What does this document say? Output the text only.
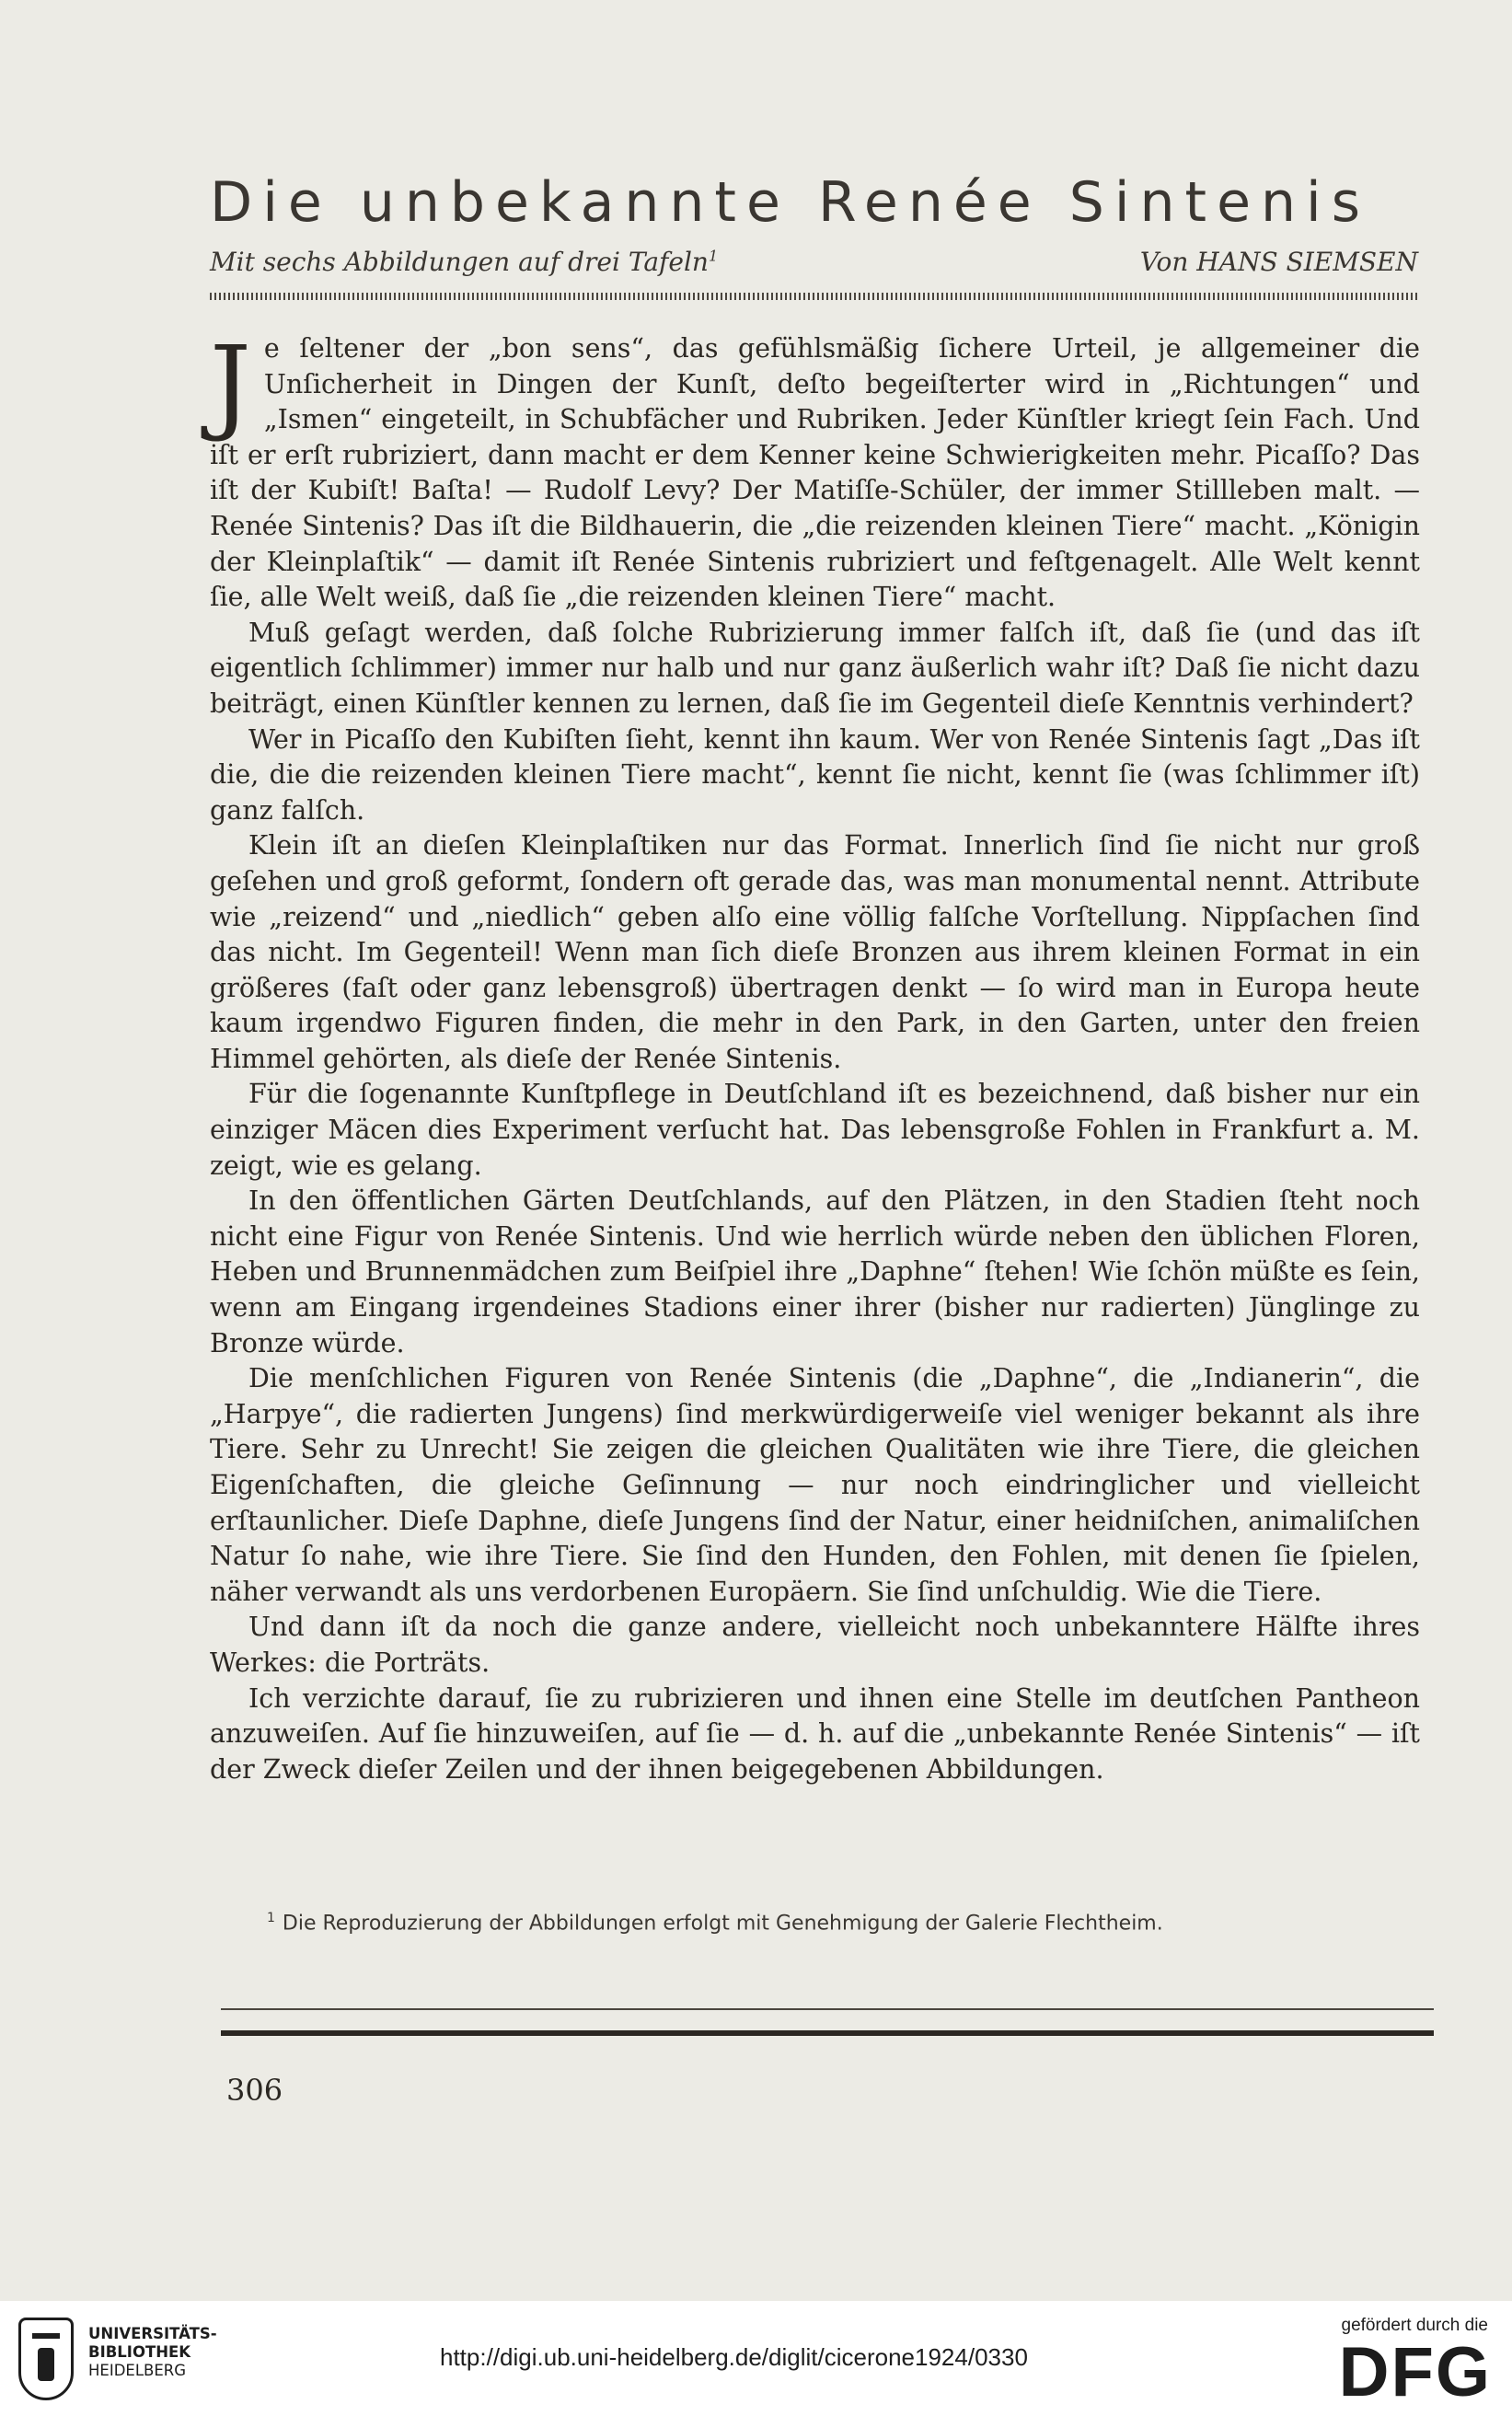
Die unbekannte Renée Sintenis
Mit sechs Abbildungen auf drei Tafeln$^1$	Von HANS SIEMSEN

Je ſeltener der „bon sens“, das gefühlsmäßig ſichere Urteil, je allgemeiner die Unſicherheit in Dingen der Kunſt, deſto begeiſterter wird in „Richtungen“ und „Ismen“ eingeteilt, in Schubfächer und Rubriken. Jeder Künſtler kriegt ſein Fach. Und iſt er erſt rubriziert, dann macht er dem Kenner keine Schwierigkeiten mehr. Picaſſo? Das iſt der Kubiſt! Baſta! — Rudolf Levy? Der Matiſſe-Schüler, der immer Stillleben malt. — Renée Sintenis? Das iſt die Bildhauerin, die „die reizenden kleinen Tiere“ macht. „Königin der Kleinplaſtik“ — damit iſt Renée Sintenis rubriziert und feſtgenagelt. Alle Welt kennt ſie, alle Welt weiß, daß ſie „die reizenden kleinen Tiere“ macht.

Muß geſagt werden, daß ſolche Rubrizierung immer falſch iſt, daß ſie (und das iſt eigentlich ſchlimmer) immer nur halb und nur ganz äußerlich wahr iſt? Daß ſie nicht dazu beiträgt, einen Künſtler kennen zu lernen, daß ſie im Gegenteil dieſe Kenntnis verhindert?

Wer in Picaſſo den Kubiſten ſieht, kennt ihn kaum. Wer von Renée Sintenis ſagt „Das iſt die, die die reizenden kleinen Tiere macht“, kennt ſie nicht, kennt ſie (was ſchlimmer iſt) ganz falſch.

Klein iſt an dieſen Kleinplaſtiken nur das Format. Innerlich ſind ſie nicht nur groß geſehen und groß geformt, ſondern oft gerade das, was man monumental nennt. Attribute wie „reizend“ und „niedlich“ geben alſo eine völlig falſche Vorſtellung. Nippſachen ſind das nicht. Im Gegenteil! Wenn man ſich dieſe Bronzen aus ihrem kleinen Format in ein größeres (faſt oder ganz lebensgroß) übertragen denkt — ſo wird man in Europa heute kaum irgendwo Figuren finden, die mehr in den Park, in den Garten, unter den freien Himmel gehörten, als dieſe der Renée Sintenis.

Für die ſogenannte Kunſtpflege in Deutſchland iſt es bezeichnend, daß bisher nur ein einziger Mäcen dies Experiment verſucht hat. Das lebensgroße Fohlen in Frankfurt a. M. zeigt, wie es gelang.

In den öffentlichen Gärten Deutſchlands, auf den Plätzen, in den Stadien ſteht noch nicht eine Figur von Renée Sintenis. Und wie herrlich würde neben den üblichen Floren, Heben und Brunnenmädchen zum Beiſpiel ihre „Daphne“ ſtehen! Wie ſchön müßte es ſein, wenn am Eingang irgendeines Stadions einer ihrer (bisher nur radierten) Jünglinge zu Bronze würde.

Die menſchlichen Figuren von Renée Sintenis (die „Daphne“, die „Indianerin“, die „Harpye“, die radierten Jungens) ſind merkwürdigerweiſe viel weniger bekannt als ihre Tiere. Sehr zu Unrecht! Sie zeigen die gleichen Qualitäten wie ihre Tiere, die gleichen Eigenſchaften, die gleiche Geſinnung — nur noch eindringlicher und vielleicht erſtaunlicher. Dieſe Daphne, dieſe Jungens ſind der Natur, einer heidniſchen, animaliſchen Natur ſo nahe, wie ihre Tiere. Sie ſind den Hunden, den Fohlen, mit denen ſie ſpielen, näher verwandt als uns verdorbenen Europäern. Sie ſind unſchuldig. Wie die Tiere.

Und dann iſt da noch die ganze andere, vielleicht noch unbekanntere Hälfte ihres Werkes: die Porträts.

Ich verzichte darauf, ſie zu rubrizieren und ihnen eine Stelle im deutſchen Pantheon anzuweiſen. Auf ſie hinzuweiſen, auf ſie — d. h. auf die „unbekannte Renée Sintenis“ — iſt der Zweck dieſer Zeilen und der ihnen beigegebenen Abbildungen.

$^1$ Die Reproduzierung der Abbildungen erfolgt mit Genehmigung der Galerie Flechtheim.
306
UNIVERSITÄTS-
BIBLIOTHEK
HEIDELBERG	http://digi.ub.uni-heidelberg.de/diglit/cicerone1924/0330
gefördert durch die
DFG
